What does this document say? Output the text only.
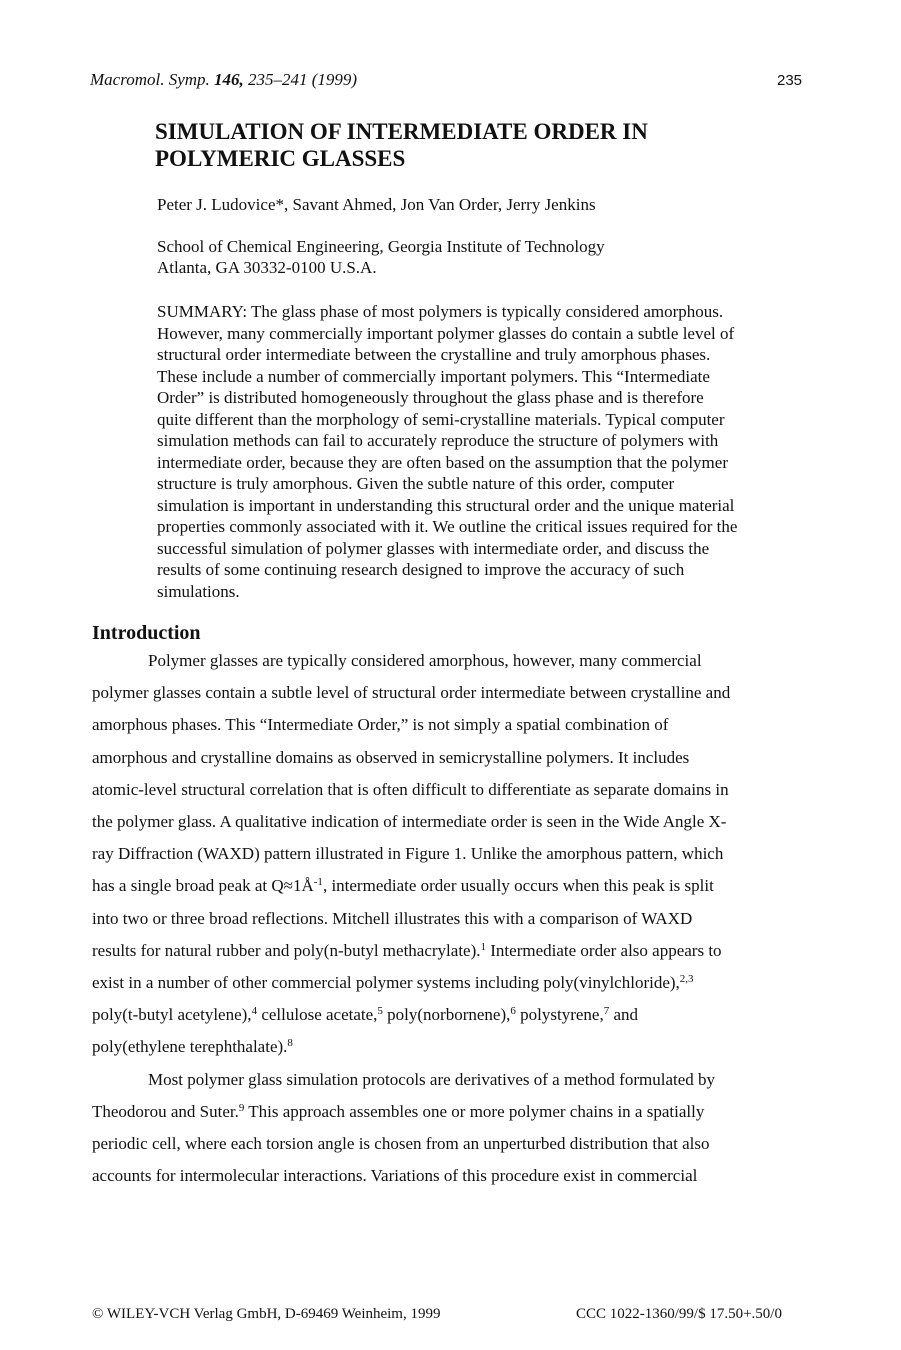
Macromol. Symp. 146, 235–241 (1999)	235
SIMULATION OF INTERMEDIATE ORDER IN
POLYMERIC GLASSES
Peter J. Ludovice*, Savant Ahmed, Jon Van Order, Jerry Jenkins
School of Chemical Engineering, Georgia Institute of Technology
Atlanta, GA 30332-0100 U.S.A.
SUMMARY: The glass phase of most polymers is typically considered amorphous.
However, many commercially important polymer glasses do contain a subtle level of
structural order intermediate between the crystalline and truly amorphous phases.
These include a number of commercially important polymers. This “Intermediate
Order” is distributed homogeneously throughout the glass phase and is therefore
quite different than the morphology of semi-crystalline materials. Typical computer
simulation methods can fail to accurately reproduce the structure of polymers with
intermediate order, because they are often based on the assumption that the polymer
structure is truly amorphous. Given the subtle nature of this order, computer
simulation is important in understanding this structural order and the unique material
properties commonly associated with it. We outline the critical issues required for the
successful simulation of polymer glasses with intermediate order, and discuss the
results of some continuing research designed to improve the accuracy of such
simulations.
Introduction
Polymer glasses are typically considered amorphous, however, many commercial
polymer glasses contain a subtle level of structural order intermediate between crystalline and
amorphous phases. This “Intermediate Order,” is not simply a spatial combination of
amorphous and crystalline domains as observed in semicrystalline polymers. It includes
atomic-level structural correlation that is often difficult to differentiate as separate domains in
the polymer glass. A qualitative indication of intermediate order is seen in the Wide Angle X-
ray Diffraction (WAXD) pattern illustrated in Figure 1. Unlike the amorphous pattern, which
has a single broad peak at $Q\approx 1Å^{-1}$, intermediate order usually occurs when this peak is split
into two or three broad reflections. Mitchell illustrates this with a comparison of WAXD
results for natural rubber and poly(n-butyl methacrylate).$^1$ Intermediate order also appears to
exist in a number of other commercial polymer systems including poly(vinylchloride),$^{2,3}$
poly(t-butyl acetylene),$^4$ cellulose acetate,$^5$ poly(norbornene),$^6$ polystyrene,$^7$ and
poly(ethylene terephthalate).$^8$
Most polymer glass simulation protocols are derivatives of a method formulated by
Theodorou and Suter.$^9$ This approach assembles one or more polymer chains in a spatially
periodic cell, where each torsion angle is chosen from an unperturbed distribution that also
accounts for intermolecular interactions. Variations of this procedure exist in commercial
© WILEY-VCH Verlag GmbH, D-69469 Weinheim, 1999	CCC 1022-1360/99/$ 17.50+.50/0
